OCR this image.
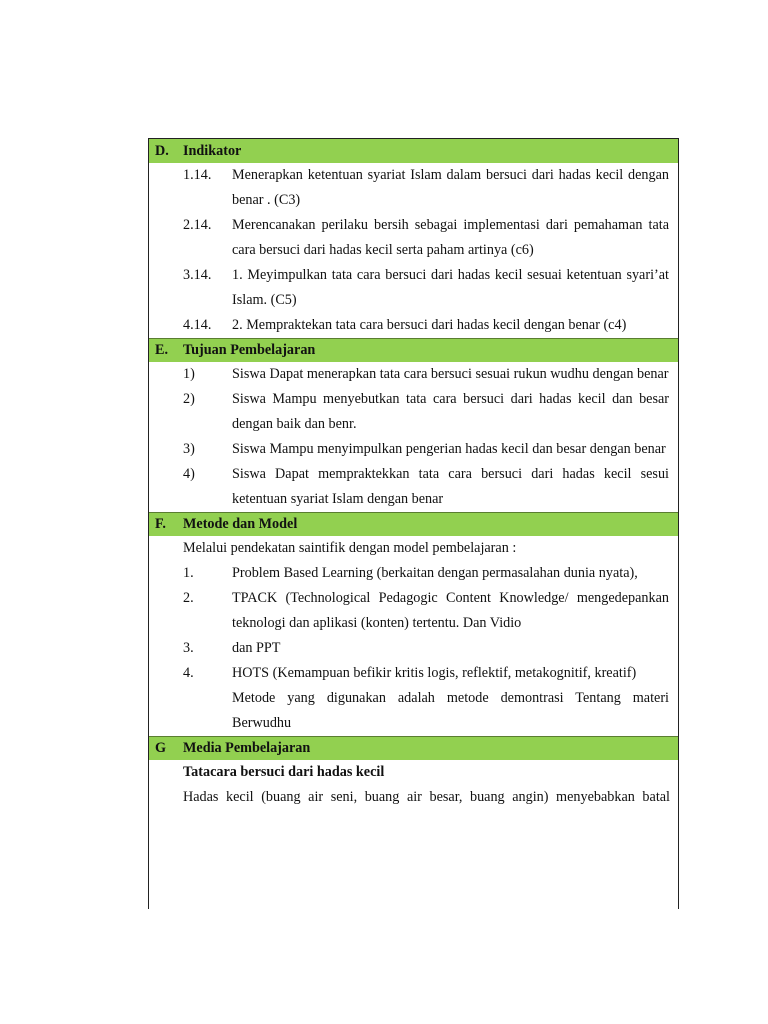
D.	Indikator
1.14.	Menerapkan ketentuan syariat Islam dalam bersuci dari hadas kecil dengan benar . (C3)
2.14.	Merencanakan perilaku bersih sebagai implementasi dari pemahaman tata cara bersuci dari hadas kecil serta paham artinya (c6)
3.14.	1. Meyimpulkan tata cara bersuci dari hadas kecil sesuai ketentuan syari’at Islam. (C5)
4.14.	2. Mempraktekan tata cara bersuci dari hadas kecil dengan benar (c4)
E.	Tujuan Pembelajaran
1)	Siswa Dapat menerapkan tata cara bersuci sesuai rukun wudhu dengan benar
2)	Siswa Mampu menyebutkan tata cara bersuci dari hadas kecil dan besar dengan baik dan benr.
3)	Siswa Mampu menyimpulkan pengerian hadas kecil dan besar dengan benar
4)	Siswa Dapat mempraktekkan tata cara bersuci dari hadas kecil sesui ketentuan syariat Islam dengan benar
F.	Metode dan Model
Melalui pendekatan saintifik dengan model pembelajaran :
1.	Problem Based Learning (berkaitan dengan permasalahan dunia nyata),
2.	TPACK (Technological Pedagogic Content Knowledge/ mengedepankan teknologi dan aplikasi (konten) tertentu. Dan Vidio
3.	dan PPT
4.	HOTS (Kemampuan befikir kritis logis, reflektif, metakognitif, kreatif)
Metode yang digunakan adalah metode demontrasi Tentang materi Berwudhu
G	Media Pembelajaran
Tatacara bersuci dari hadas kecil
Hadas kecil (buang air seni, buang air besar, buang angin) menyebabkan batal
